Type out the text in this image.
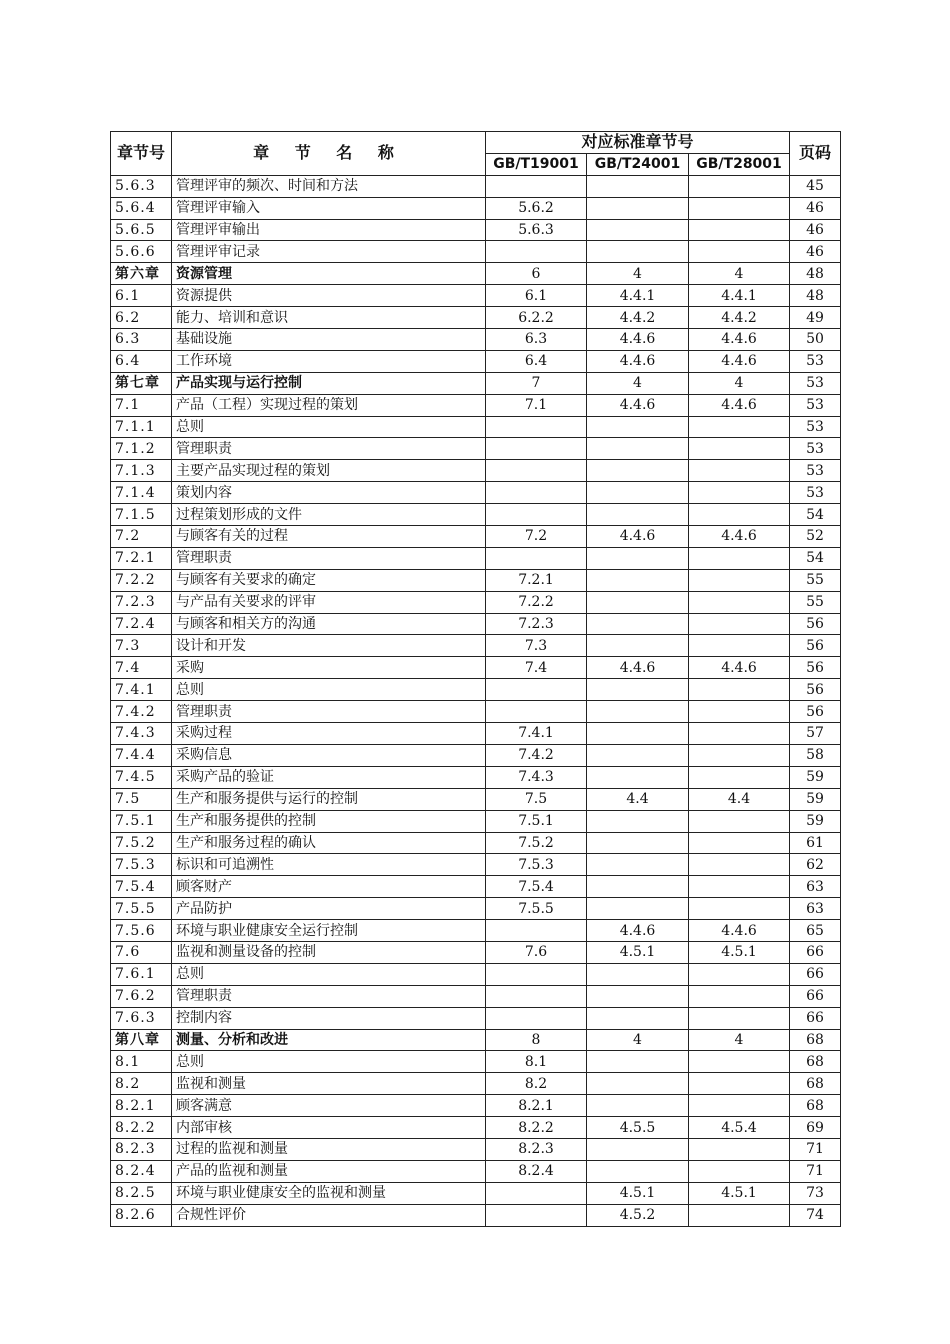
章节号	章 节 名 称	对应标准章节号			页码
		GB/T19001	GB/T24001	GB/T28001	
5.6.3	管理评审的频次、时间和方法				45
5.6.4	管理评审输入	5.6.2			46
5.6.5	管理评审输出	5.6.3			46
5.6.6	管理评审记录				46
第六章	资源管理	6	4	4	48
6.1	资源提供	6.1	4.4.1	4.4.1	48
6.2	能力、培训和意识	6.2.2	4.4.2	4.4.2	49
6.3	基础设施	6.3	4.4.6	4.4.6	50
6.4	工作环境	6.4	4.4.6	4.4.6	53
第七章	产品实现与运行控制	7	4	4	53
7.1	产品（工程）实现过程的策划	7.1	4.4.6	4.4.6	53
7.1.1	总则				53
7.1.2	管理职责				53
7.1.3	主要产品实现过程的策划				53
7.1.4	策划内容				53
7.1.5	过程策划形成的文件				54
7.2	与顾客有关的过程	7.2	4.4.6	4.4.6	52
7.2.1	管理职责				54
7.2.2	与顾客有关要求的确定	7.2.1			55
7.2.3	与产品有关要求的评审	7.2.2			55
7.2.4	与顾客和相关方的沟通	7.2.3			56
7.3	设计和开发	7.3			56
7.4	采购	7.4	4.4.6	4.4.6	56
7.4.1	总则				56
7.4.2	管理职责				56
7.4.3	采购过程	7.4.1			57
7.4.4	采购信息	7.4.2			58
7.4.5	采购产品的验证	7.4.3			59
7.5	生产和服务提供与运行的控制	7.5	4.4	4.4	59
7.5.1	生产和服务提供的控制	7.5.1			59
7.5.2	生产和服务过程的确认	7.5.2			61
7.5.3	标识和可追溯性	7.5.3			62
7.5.4	顾客财产	7.5.4			63
7.5.5	产品防护	7.5.5			63
7.5.6	环境与职业健康安全运行控制		4.4.6	4.4.6	65
7.6	监视和测量设备的控制	7.6	4.5.1	4.5.1	66
7.6.1	总则				66
7.6.2	管理职责				66
7.6.3	控制内容				66
第八章	测量、分析和改进	8	4	4	68
8.1	总则	8.1			68
8.2	监视和测量	8.2			68
8.2.1	顾客满意	8.2.1			68
8.2.2	内部审核	8.2.2	4.5.5	4.5.4	69
8.2.3	过程的监视和测量	8.2.3			71
8.2.4	产品的监视和测量	8.2.4			71
8.2.5	环境与职业健康安全的监视和测量		4.5.1	4.5.1	73
8.2.6	合规性评价		4.5.2		74
